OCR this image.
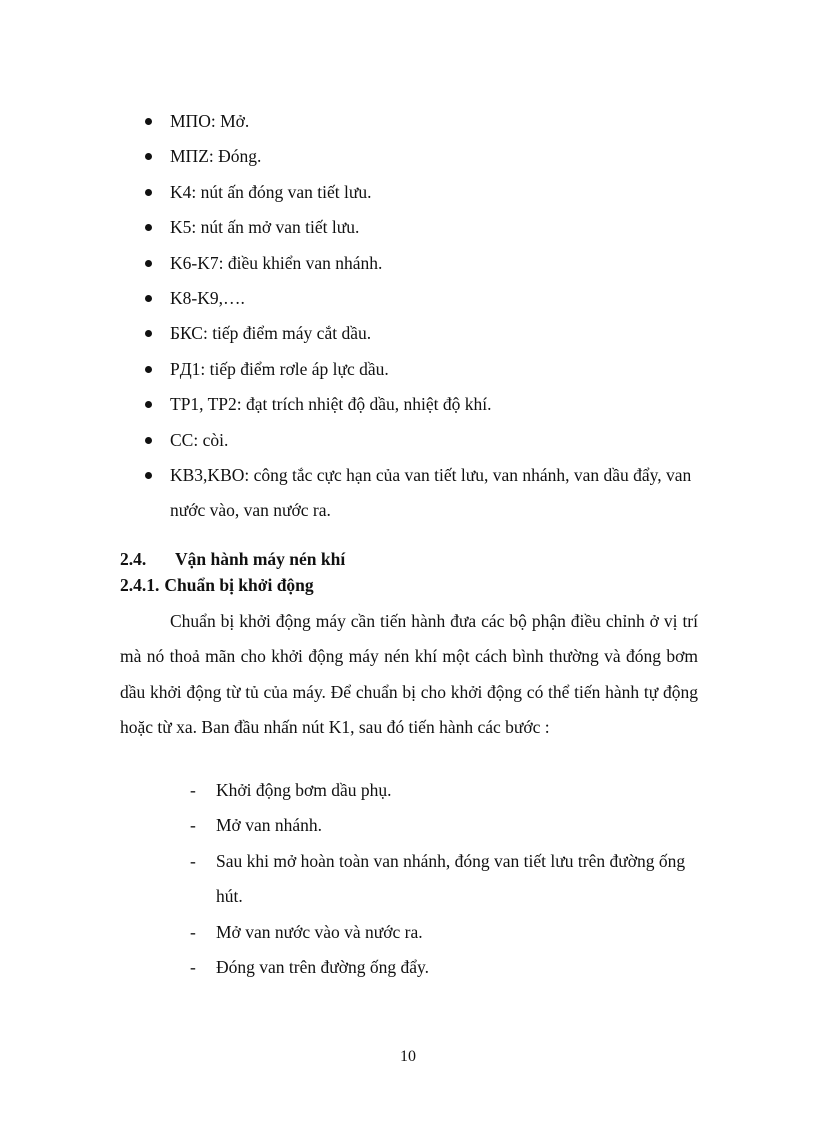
MПО: Mở.
MПZ: Đóng.
K4: nút ấn đóng van tiết lưu.
K5: nút ấn mở van tiết lưu.
K6-K7: điều khiển van nhánh.
K8-K9,….
БКС: tiếp điểm máy cắt dầu.
PД1: tiếp điểm rơle áp lực dầu.
TP1, TP2: đạt trích nhiệt độ dầu, nhiệt độ khí.
CC: còi.
KB3,KBO: công tắc cực hạn của van tiết lưu, van nhánh, van dầu đẩy, van nước vào, van nước ra.
2.4. Vận hành máy nén khí
2.4.1. Chuẩn bị khởi động

Chuẩn bị khởi động máy cần tiến hành đưa các bộ phận điều chỉnh ở vị trí mà nó thoả mãn cho khởi động máy nén khí một cách bình thường và đóng bơm dầu khởi động từ tủ của máy. Để chuẩn bị cho khởi động có thể tiến hành tự động hoặc từ xa. Ban đầu nhấn nút K1, sau đó tiến hành các bước :

- Khởi động bơm dầu phụ.
- Mở van nhánh.
- Sau khi mở hoàn toàn van nhánh, đóng van tiết lưu trên đường ống hút.
- Mở van nước vào và nước ra.
- Đóng van trên đường ống đẩy.
10
